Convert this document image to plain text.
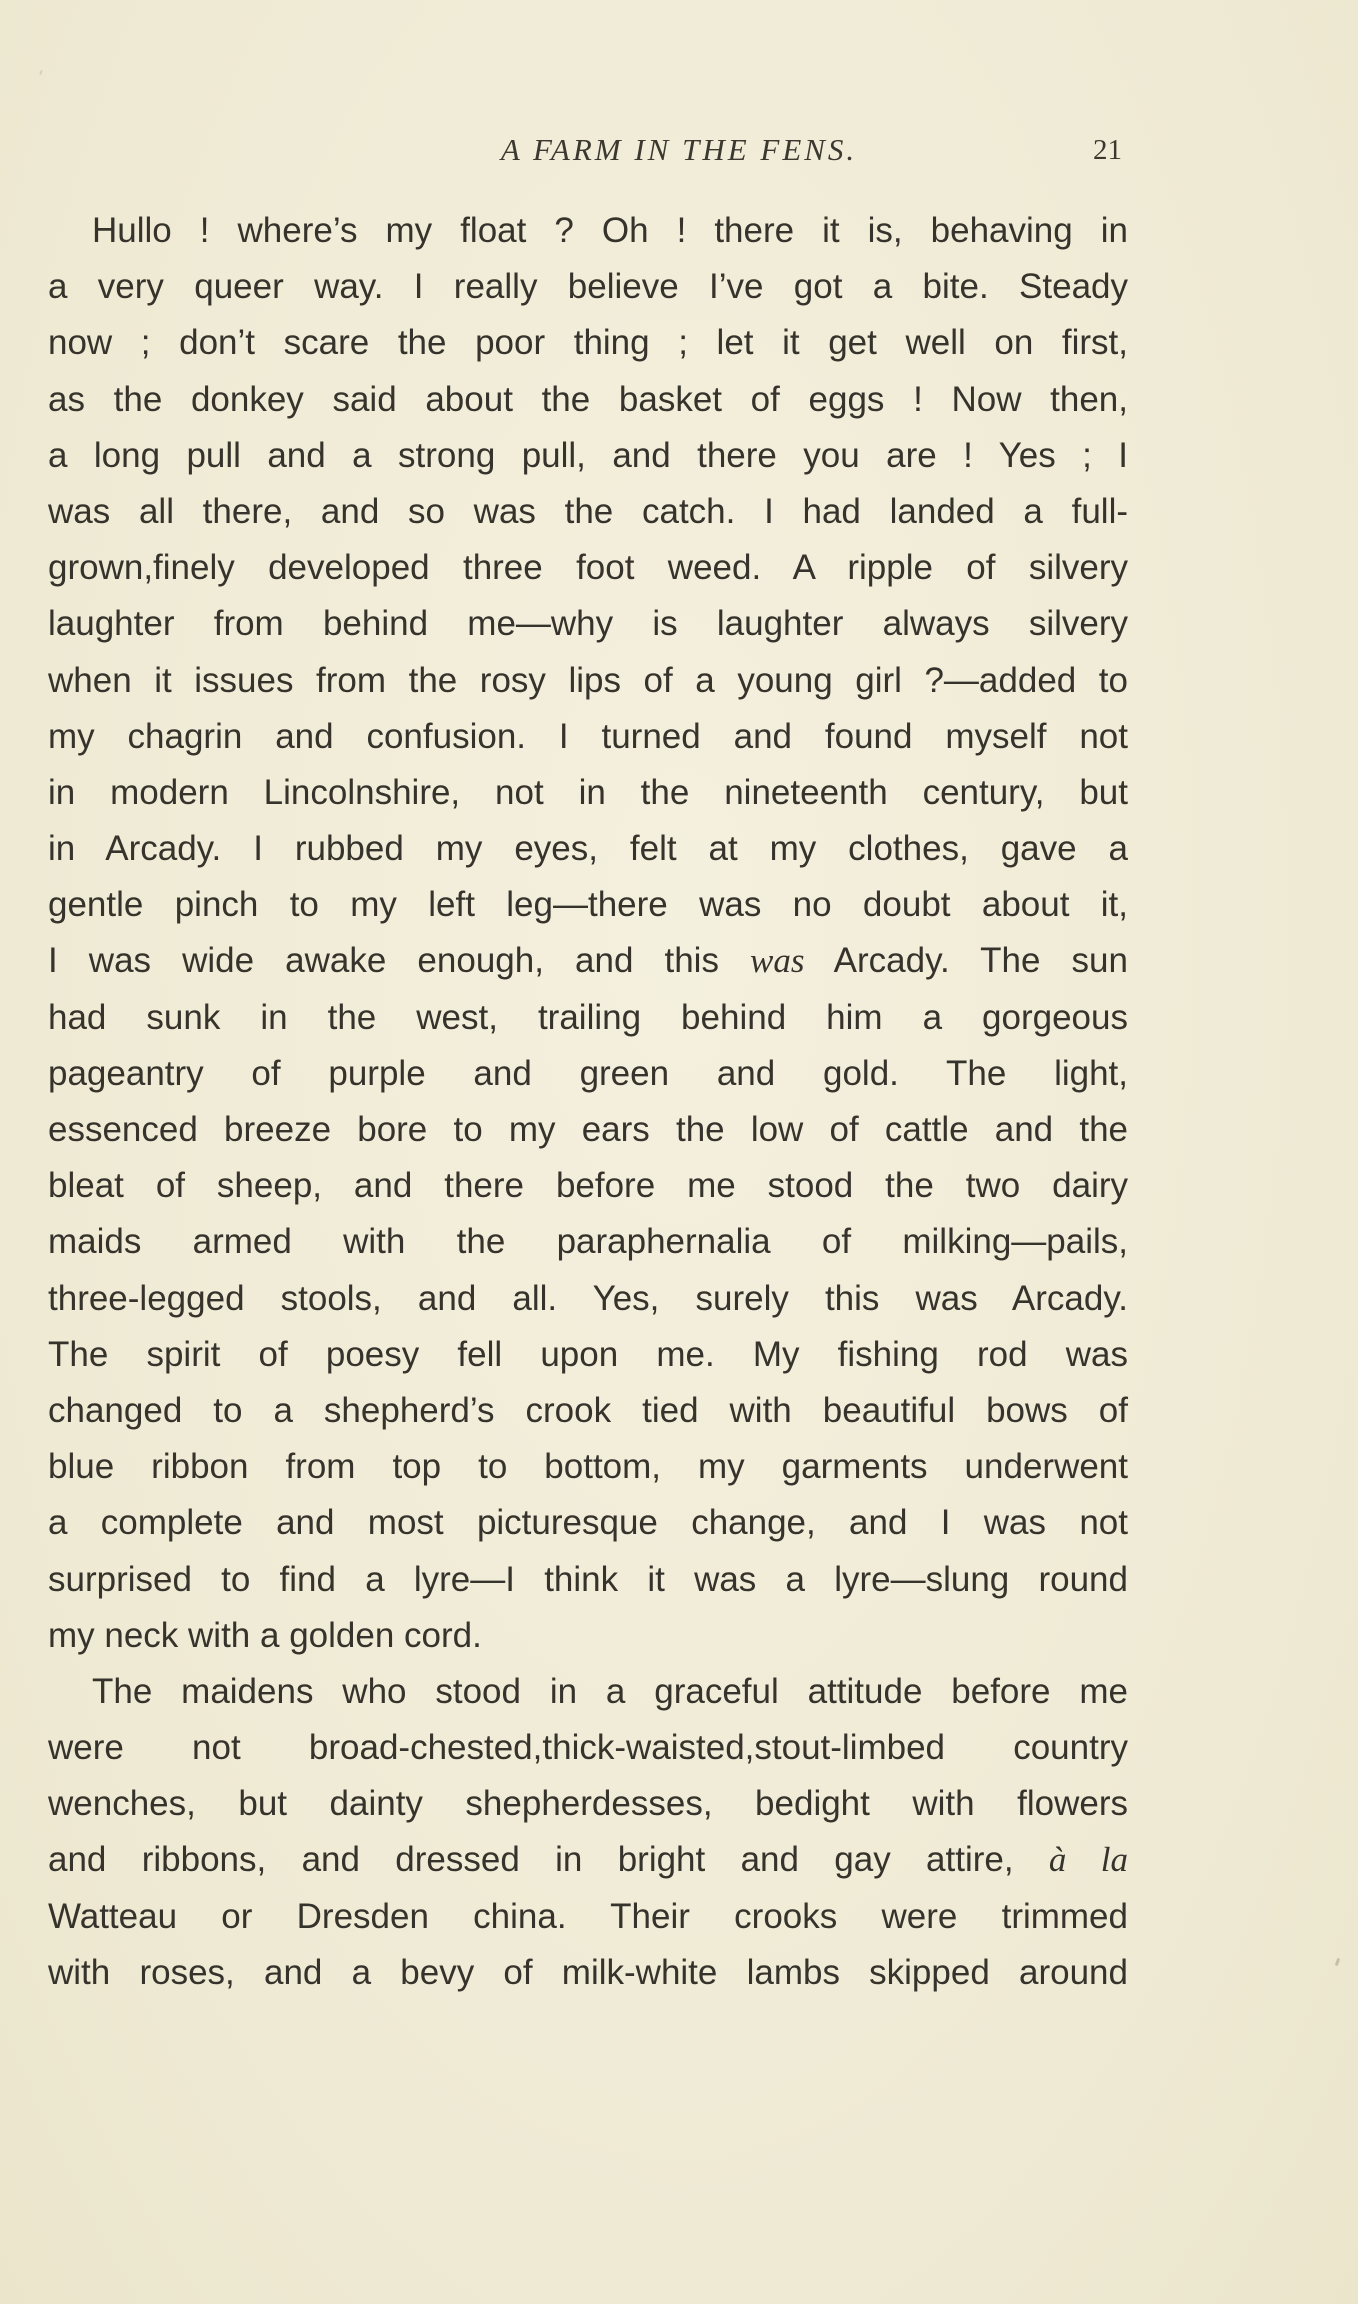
A FARM IN THE FENS.	21
Hullo ! where’s my float ? Oh ! there it is, behaving in
a very queer way. I really believe I’ve got a bite. Steady
now ; don’t scare the poor thing ; let it get well on first,
as the donkey said about the basket of eggs ! Now then,
a long pull and a strong pull, and there you are ! Yes ; I
was all there, and so was the catch. I had landed a full-
grown,finely developed three foot weed. A ripple of silvery
laughter from behind me—why is laughter always silvery
when it issues from the rosy lips of a young girl ?—added to
my chagrin and confusion. I turned and found myself not
in modern Lincolnshire, not in the nineteenth century, but
in Arcady. I rubbed my eyes, felt at my clothes, gave a
gentle pinch to my left leg—there was no doubt about it,
I was wide awake enough, and this was Arcady. The sun
had sunk in the west, trailing behind him a gorgeous
pageantry of purple and green and gold. The light,
essenced breeze bore to my ears the low of cattle and the
bleat of sheep, and there before me stood the two dairy
maids armed with the paraphernalia of milking—pails,
three-legged stools, and all. Yes, surely this was Arcady.
The spirit of poesy fell upon me. My fishing rod was
changed to a shepherd’s crook tied with beautiful bows of
blue ribbon from top to bottom, my garments underwent
a complete and most picturesque change, and I was not
surprised to find a lyre—I think it was a lyre—slung round
my neck with a golden cord.
The maidens who stood in a graceful attitude before me
were not broad-chested,thick-waisted,stout-limbed country
wenches, but dainty shepherdesses, bedight with flowers
and ribbons, and dressed in bright and gay attire, à la
Watteau or Dresden china. Their crooks were trimmed
with roses, and a bevy of milk-white lambs skipped around
